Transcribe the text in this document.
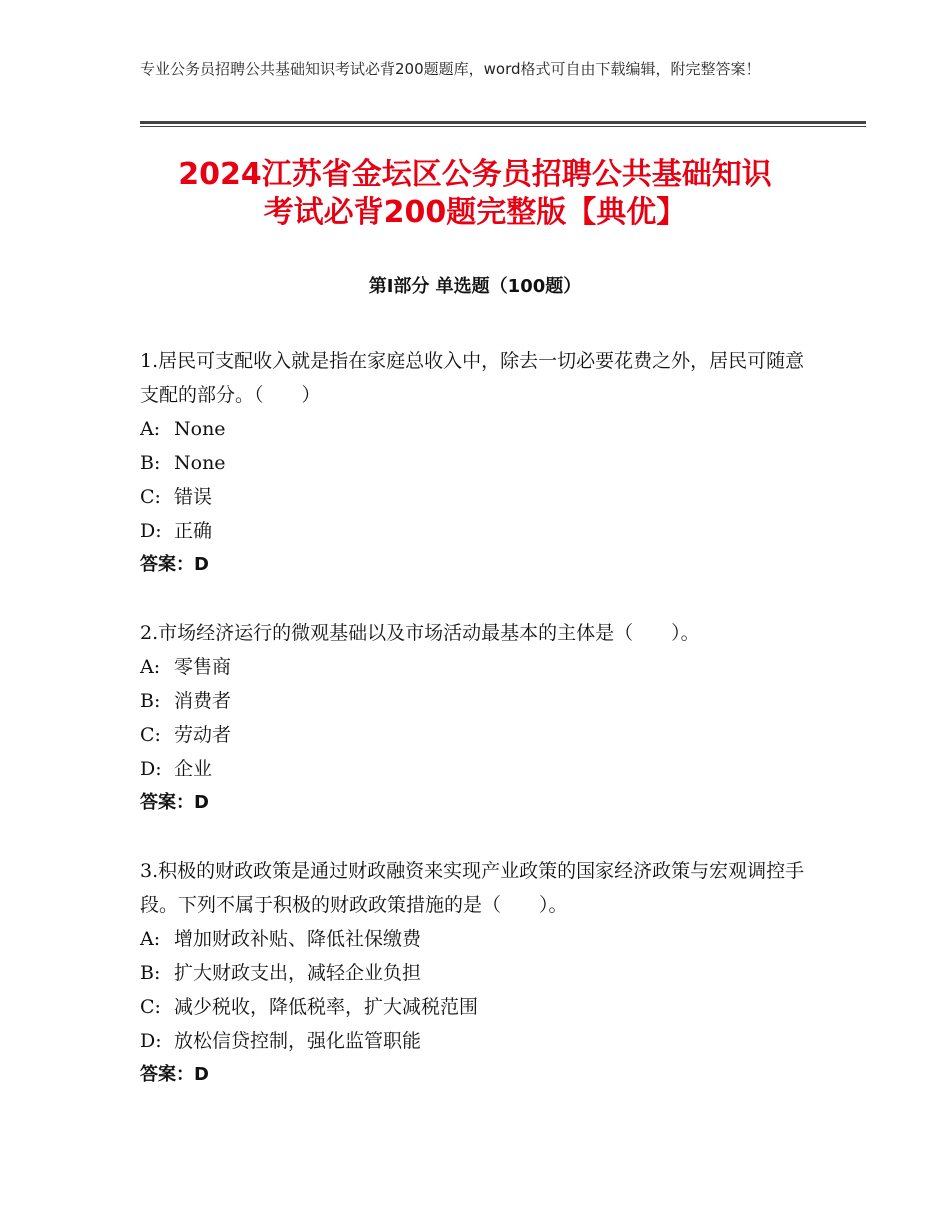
专业公务员招聘公共基础知识考试必背200题题库，word格式可自由下载编辑，附完整答案！
2024江苏省金坛区公务员招聘公共基础知识
考试必背200题完整版【典优】
第Ⅰ部分 单选题（100题）
1.居民可支配收入就是指在家庭总收入中，除去一切必要花费之外，居民可随意支配的部分。（　　）
A: None
B: None
C: 错误
D: 正确
答案：D
2.市场经济运行的微观基础以及市场活动最基本的主体是（　　）。
A: 零售商
B: 消费者
C: 劳动者
D: 企业
答案：D
3.积极的财政政策是通过财政融资来实现产业政策的国家经济政策与宏观调控手段。下列不属于积极的财政政策措施的是（　　）。
A: 增加财政补贴、降低社保缴费
B: 扩大财政支出，减轻企业负担
C: 减少税收，降低税率，扩大减税范围
D: 放松信贷控制，强化监管职能
答案：D
